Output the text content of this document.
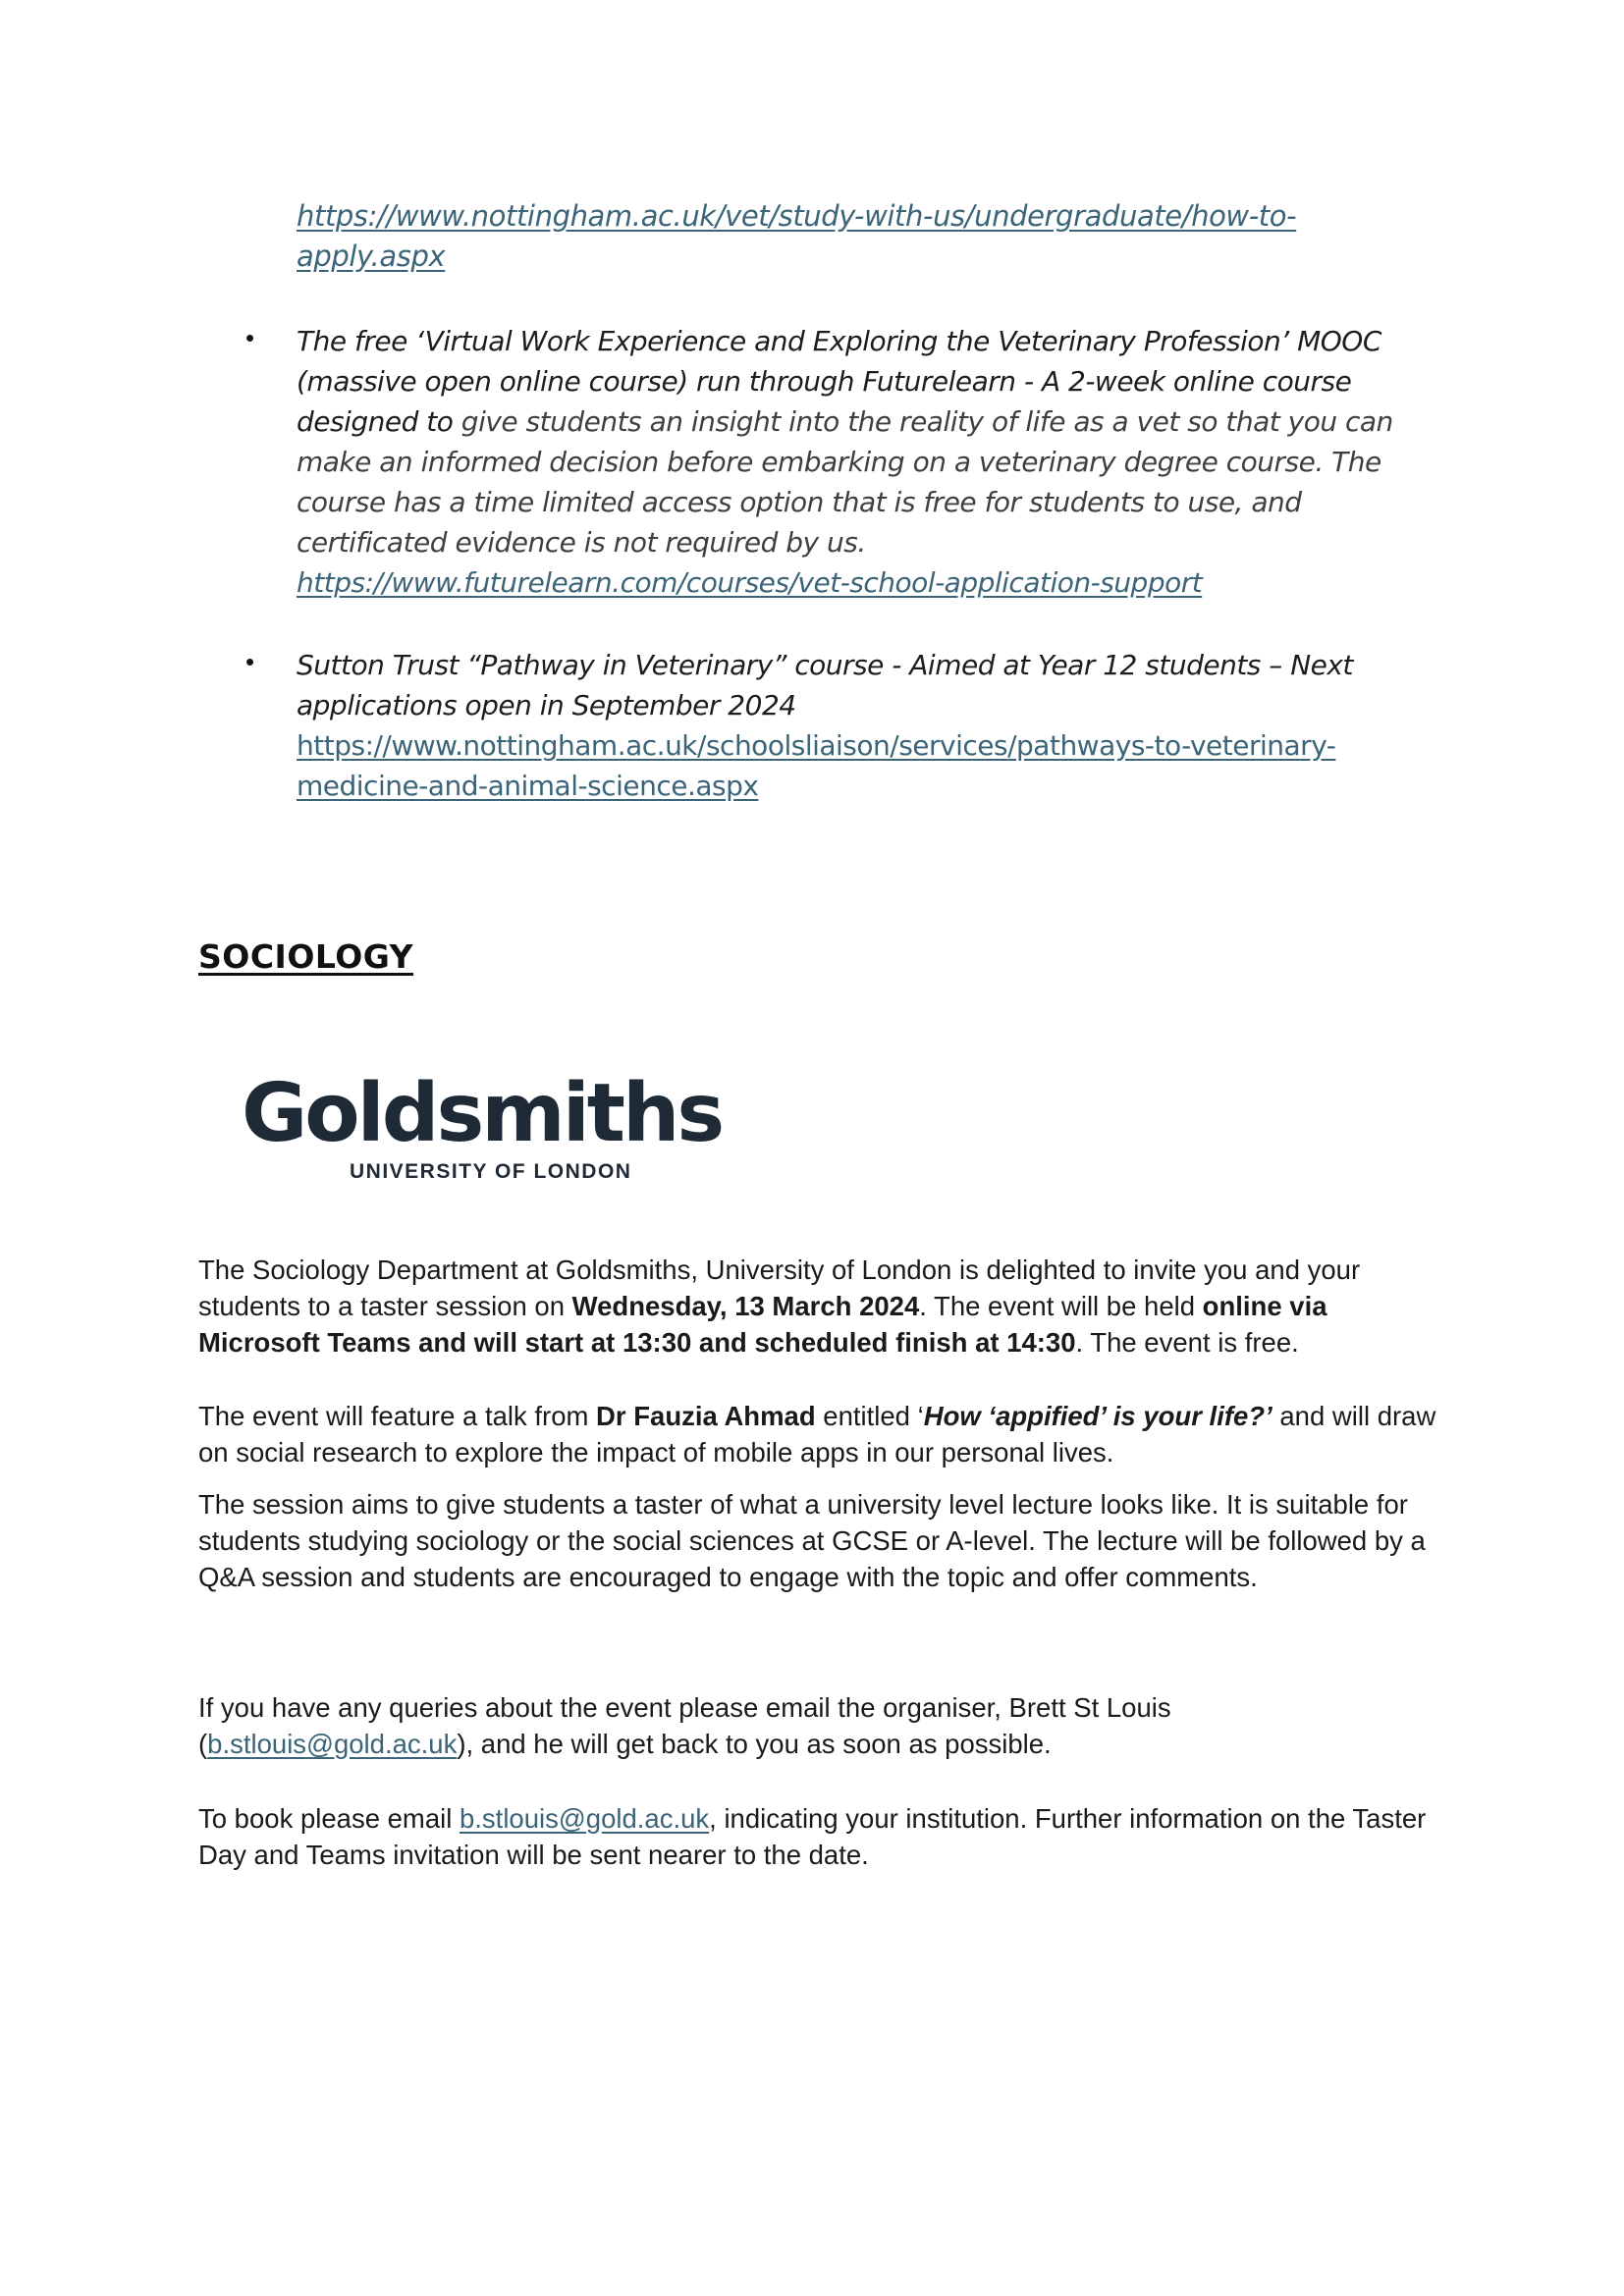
https://www.nottingham.ac.uk/vet/study-with-us/undergraduate/how-to-
apply.aspx
• The free ‘Virtual Work Experience and Exploring the Veterinary Profession’ MOOC
(massive open online course) run through Futurelearn - A 2-week online course
designed to give students an insight into the reality of life as a vet so that you can
make an informed decision before embarking on a veterinary degree course. The
course has a time limited access option that is free for students to use, and
certificated evidence is not required by us.
https://www.futurelearn.com/courses/vet-school-application-support
• Sutton Trust “Pathway in Veterinary” course - Aimed at Year 12 students – Next
applications open in September 2024
https://www.nottingham.ac.uk/schoolsliaison/services/pathways-to-veterinary-
medicine-and-animal-science.aspx
SOCIOLOGY
Goldsmiths
UNIVERSITY OF LONDON
The Sociology Department at Goldsmiths, University of London is delighted to invite you and your students to a taster session on Wednesday, 13 March 2024. The event will be held online via Microsoft Teams and will start at 13:30 and scheduled finish at 14:30. The event is free.
The event will feature a talk from Dr Fauzia Ahmad entitled ‘How ‘appified’ is your life?’ and will draw on social research to explore the impact of mobile apps in our personal lives.
The session aims to give students a taster of what a university level lecture looks like. It is suitable for students studying sociology or the social sciences at GCSE or A-level. The lecture will be followed by a Q&A session and students are encouraged to engage with the topic and offer comments.
If you have any queries about the event please email the organiser, Brett St Louis (b.stlouis@gold.ac.uk), and he will get back to you as soon as possible.
To book please email b.stlouis@gold.ac.uk, indicating your institution. Further information on the Taster Day and Teams invitation will be sent nearer to the date.
